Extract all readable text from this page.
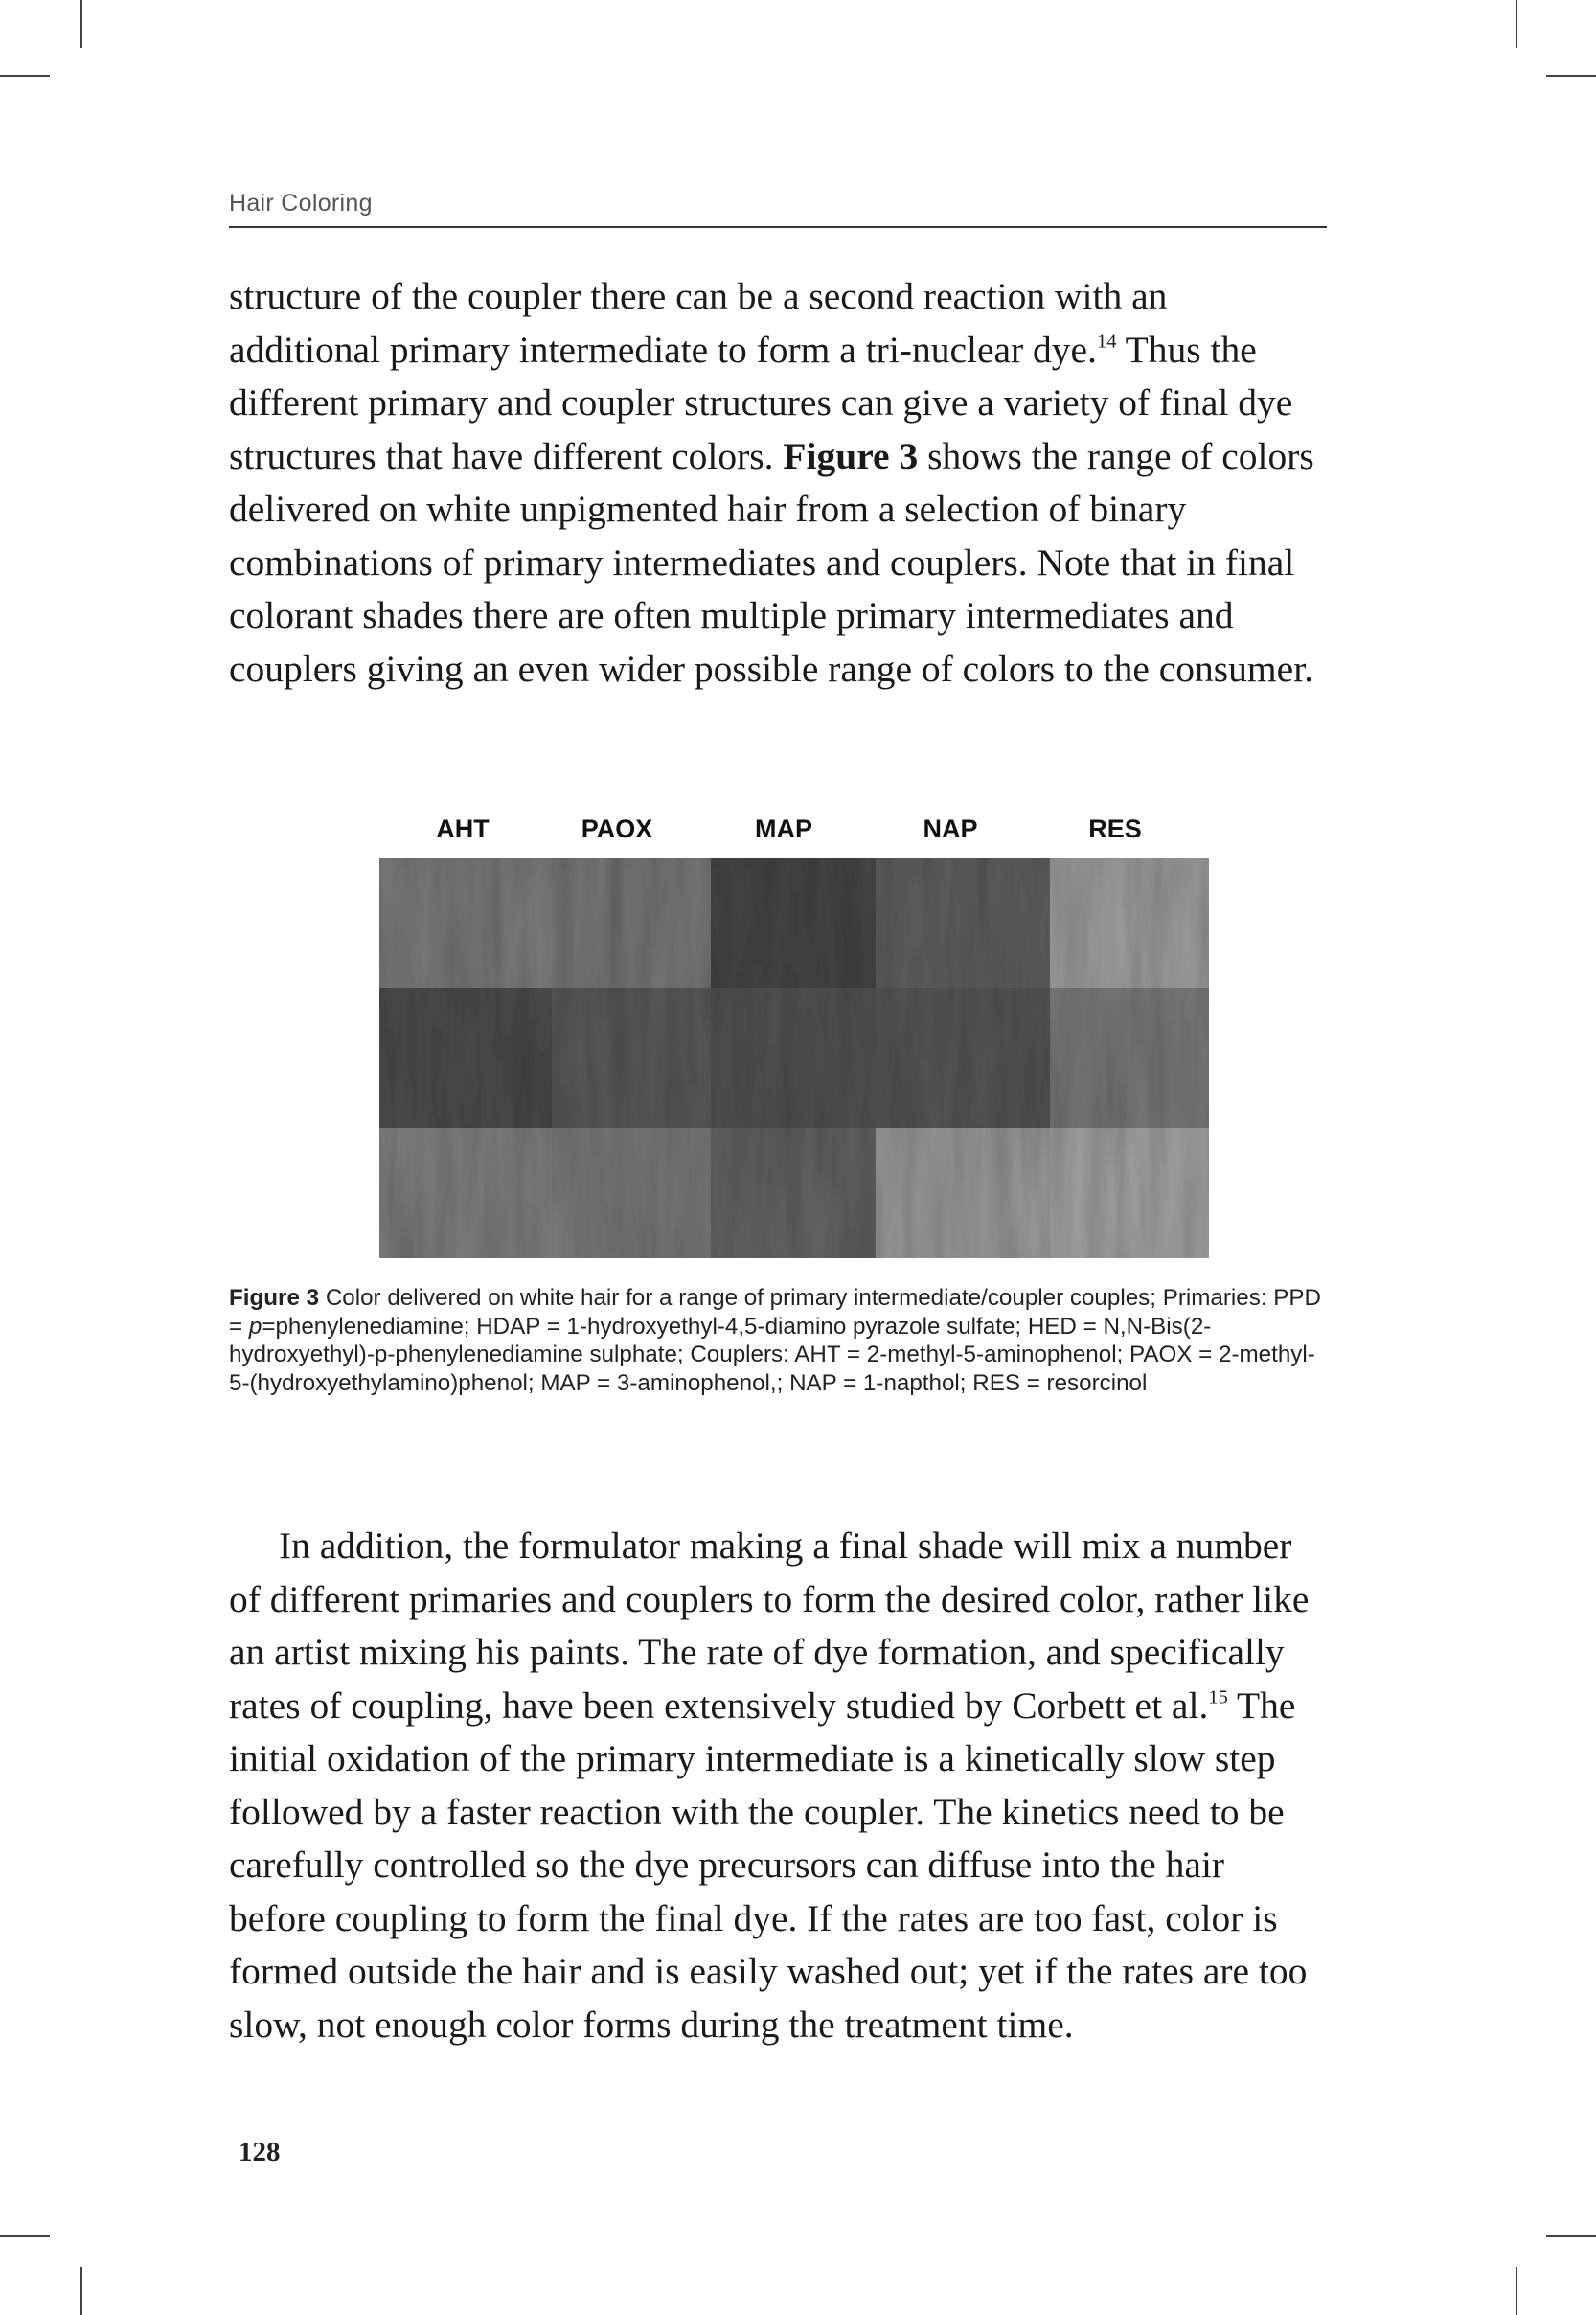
Hair Coloring

structure of the coupler there can be a second reaction with an additional primary intermediate to form a tri-nuclear dye.$^{14}$ Thus the different primary and coupler structures can give a variety of final dye structures that have different colors. Figure 3 shows the range of colors delivered on white unpigmented hair from a selection of binary combinations of primary intermediates and couplers. Note that in final colorant shades there are often multiple primary intermediates and couplers giving an even wider possible range of colors to the consumer.

AHT	PAOX	MAP	NAP	RES

Figure 3 Color delivered on white hair for a range of primary intermediate/coupler couples; Primaries: PPD = p=phenylenediamine; HDAP = 1-hydroxyethyl-4,5-diamino pyrazole sulfate; HED = N,N-Bis(2-hydroxyethyl)-p-phenylenediamine sulphate; Couplers: AHT = 2-methyl-5-aminophenol; PAOX = 2-methyl-5-(hydroxyethylamino)phenol; MAP = 3-aminophenol,; NAP = 1-napthol; RES = resorcinol

In addition, the formulator making a final shade will mix a number of different primaries and couplers to form the desired color, rather like an artist mixing his paints. The rate of dye formation, and specifically rates of coupling, have been extensively studied by Corbett et al.$^{15}$ The initial oxidation of the primary intermediate is a kinetically slow step followed by a faster reaction with the coupler. The kinetics need to be carefully controlled so the dye precursors can diffuse into the hair before coupling to form the final dye. If the rates are too fast, color is formed outside the hair and is easily washed out; yet if the rates are too slow, not enough color forms during the treatment time.

128
